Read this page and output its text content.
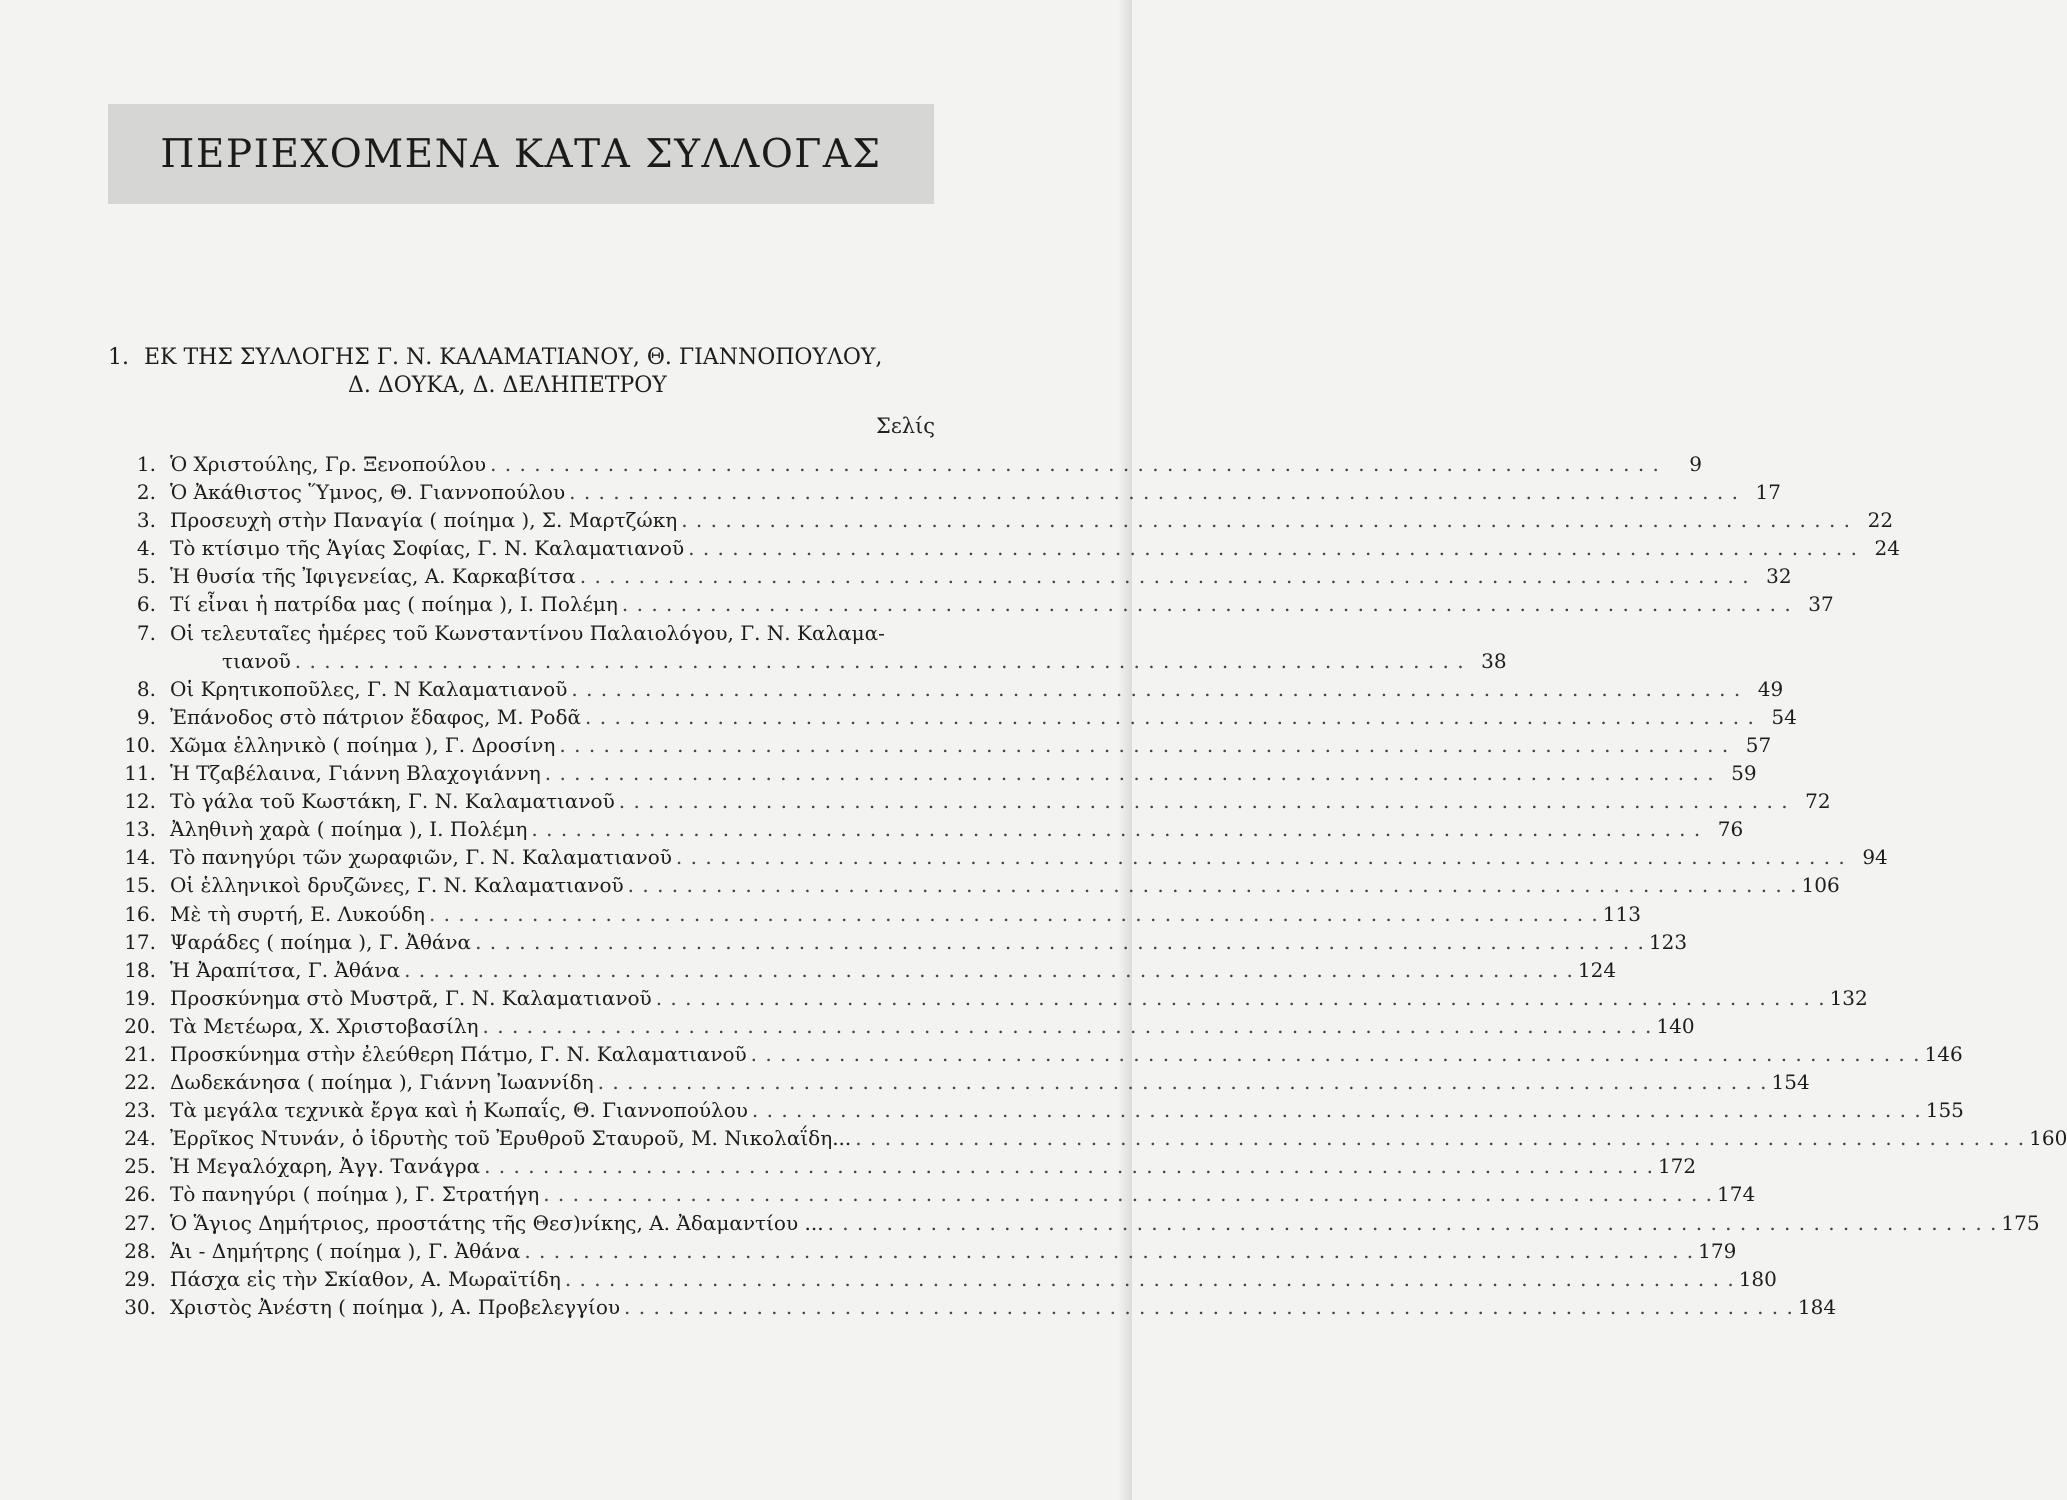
ΠΕΡΙΕΧΟΜΕΝΑ ΚΑΤΑ ΣΥΛΛΟΓΑΣ
1. ΕΚ ΤΗΣ ΣΥΛΛΟΓΗΣ Γ. Ν. ΚΑΛΑΜΑΤΙΑΝΟΥ, Θ. ΓΙΑΝΝΟΠΟΥΛΟΥ,
Δ. ΔΟΥΚΑ, Δ. ΔΕΛΗΠΕΤΡΟΥ
Σελίς
1. Ὁ Χριστούλης, Γρ. Ξενοπούλου . . . . . . . . . . . . . . . . . . . . . . . . . . . . . . . . . . . . . . . . . . . . . . . . . . . . . . . . . . . . . . . . . . . . . . . . . . . . . . . .	9
2. Ὁ Ἀκάθιστος Ὕμνος, Θ. Γιαννοπούλου . . . . . . . . . . . . . . . . . . . . . . . . . . . . . . . . . . . . . . . . . . . . . . . . . . . . . . . . . . . . . . . . . . . . . . . . . . . . . . . . 17
3. Προσευχὴ στὴν Παναγία ( ποίημα ), Σ. Μαρτζώκη . . . . . . . . . . . . . . . . . . . . . . . . . . . . . . . . . . . . . . . . . . . . . . . . . . . . . . . . . . . . . . . . . . . . . . . . . . . . . . . . 22
4. Τὸ κτίσιμο τῆς Ἁγίας Σοφίας, Γ. Ν. Καλαματιανοῦ . . . . . . . . . . . . . . . . . . . . . . . . . . . . . . . . . . . . . . . . . . . . . . . . . . . . . . . . . . . . . . . . . . . . . . . . . . . . . . . . 24
5. Ἡ θυσία τῆς Ἰφιγενείας, Α. Καρκαβίτσα . . . . . . . . . . . . . . . . . . . . . . . . . . . . . . . . . . . . . . . . . . . . . . . . . . . . . . . . . . . . . . . . . . . . . . . . . . . . . . . . 32
6. Τί εἶναι ἡ πατρίδα μας ( ποίημα ), Ι. Πολέμη . . . . . . . . . . . . . . . . . . . . . . . . . . . . . . . . . . . . . . . . . . . . . . . . . . . . . . . . . . . . . . . . . . . . . . . . . . . . . . . . 37
7. Οἱ τελευταῖες ἡμέρες τοῦ Κωνσταντίνου Παλαιολόγου, Γ. Ν. Καλαμα-
τιανοῦ . . . . . . . . . . . . . . . . . . . . . . . . . . . . . . . . . . . . . . . . . . . . . . . . . . . . . . . . . . . . . . . . . . . . . . . . . . . . . . . . 38
8. Οἱ Κρητικοποῦλες, Γ. Ν Καλαματιανοῦ . . . . . . . . . . . . . . . . . . . . . . . . . . . . . . . . . . . . . . . . . . . . . . . . . . . . . . . . . . . . . . . . . . . . . . . . . . . . . . . . 49
9. Ἐπάνοδος στὸ πάτριον ἔδαφος, Μ. Ροδᾶ . . . . . . . . . . . . . . . . . . . . . . . . . . . . . . . . . . . . . . . . . . . . . . . . . . . . . . . . . . . . . . . . . . . . . . . . . . . . . . . . 54
10. Χῶμα ἑλληνικὸ ( ποίημα ), Γ. Δροσίνη . . . . . . . . . . . . . . . . . . . . . . . . . . . . . . . . . . . . . . . . . . . . . . . . . . . . . . . . . . . . . . . . . . . . . . . . . . . . . . . . 57
11. Ἡ Τζαβέλαινα, Γιάννη Βλαχογιάννη . . . . . . . . . . . . . . . . . . . . . . . . . . . . . . . . . . . . . . . . . . . . . . . . . . . . . . . . . . . . . . . . . . . . . . . . . . . . . . . . 59
12. Τὸ γάλα τοῦ Κωστάκη, Γ. Ν. Καλαματιανοῦ . . . . . . . . . . . . . . . . . . . . . . . . . . . . . . . . . . . . . . . . . . . . . . . . . . . . . . . . . . . . . . . . . . . . . . . . . . . . . . . . 72
13. Ἀληθινὴ χαρὰ ( ποίημα ), Ι. Πολέμη . . . . . . . . . . . . . . . . . . . . . . . . . . . . . . . . . . . . . . . . . . . . . . . . . . . . . . . . . . . . . . . . . . . . . . . . . . . . . . . . 76
14. Τὸ πανηγύρι τῶν χωραφιῶν, Γ. Ν. Καλαματιανοῦ . . . . . . . . . . . . . . . . . . . . . . . . . . . . . . . . . . . . . . . . . . . . . . . . . . . . . . . . . . . . . . . . . . . . . . . . . . . . . . . . 94
15. Οἱ ἑλληνικοὶ δρυζῶνες, Γ. Ν. Καλαματιανοῦ . . . . . . . . . . . . . . . . . . . . . . . . . . . . . . . . . . . . . . . . . . . . . . . . . . . . . . . . . . . . . . . . . . . . . . . . . . . . . . . . 106
16. Μὲ τὴ συρτή, Ε. Λυκούδη . . . . . . . . . . . . . . . . . . . . . . . . . . . . . . . . . . . . . . . . . . . . . . . . . . . . . . . . . . . . . . . . . . . . . . . . . . . . . . . . 113
17. Ψαράδες ( ποίημα ), Γ. Ἀθάνα . . . . . . . . . . . . . . . . . . . . . . . . . . . . . . . . . . . . . . . . . . . . . . . . . . . . . . . . . . . . . . . . . . . . . . . . . . . . . . . . 123
18. Ἡ Ἀραπίτσα, Γ. Ἀθάνα . . . . . . . . . . . . . . . . . . . . . . . . . . . . . . . . . . . . . . . . . . . . . . . . . . . . . . . . . . . . . . . . . . . . . . . . . . . . . . . . 124
19. Προσκύνημα στὸ Μυστρᾶ, Γ. Ν. Καλαματιανοῦ . . . . . . . . . . . . . . . . . . . . . . . . . . . . . . . . . . . . . . . . . . . . . . . . . . . . . . . . . . . . . . . . . . . . . . . . . . . . . . . . 132
20. Τὰ Μετέωρα, Χ. Χριστοβασίλη . . . . . . . . . . . . . . . . . . . . . . . . . . . . . . . . . . . . . . . . . . . . . . . . . . . . . . . . . . . . . . . . . . . . . . . . . . . . . . . . 140
21. Προσκύνημα στὴν ἐλεύθερη Πάτμο, Γ. Ν. Καλαματιανοῦ . . . . . . . . . . . . . . . . . . . . . . . . . . . . . . . . . . . . . . . . . . . . . . . . . . . . . . . . . . . . . . . . . . . . . . . . . . . . . . . . 146
22. Δωδεκάνησα ( ποίημα ), Γιάννη Ἰωαννίδη . . . . . . . . . . . . . . . . . . . . . . . . . . . . . . . . . . . . . . . . . . . . . . . . . . . . . . . . . . . . . . . . . . . . . . . . . . . . . . . . 154
23. Τὰ μεγάλα τεχνικὰ ἔργα καὶ ἡ Κωπαΐς, Θ. Γιαννοπούλου . . . . . . . . . . . . . . . . . . . . . . . . . . . . . . . . . . . . . . . . . . . . . . . . . . . . . . . . . . . . . . . . . . . . . . . . . . . . . . . . 155
24. Ἐρρῖκος Ντυνάν, ὁ ἱδρυτὴς τοῦ Ἐρυθροῦ Σταυροῦ, Μ. Νικολαΐδη... . . . . . . . . . . . . . . . . . . . . . . . . . . . . . . . . . . . . . . . . . . . . . . . . . . . . . . . . . . . . . . . . . . . . . . . . . . . . . . . . 160
25. Ἡ Μεγαλόχαρη, Ἀγγ. Τανάγρα . . . . . . . . . . . . . . . . . . . . . . . . . . . . . . . . . . . . . . . . . . . . . . . . . . . . . . . . . . . . . . . . . . . . . . . . . . . . . . . . 172
26. Τὸ πανηγύρι ( ποίημα ), Γ. Στρατήγη . . . . . . . . . . . . . . . . . . . . . . . . . . . . . . . . . . . . . . . . . . . . . . . . . . . . . . . . . . . . . . . . . . . . . . . . . . . . . . . . 174
27. Ὁ Ἅγιος Δημήτριος, προστάτης τῆς Θεσ)νίκης, Α. Ἀδαμαντίου ... . . . . . . . . . . . . . . . . . . . . . . . . . . . . . . . . . . . . . . . . . . . . . . . . . . . . . . . . . . . . . . . . . . . . . . . . . . . . . . . . 175
28. Ἁι - Δημήτρης ( ποίημα ), Γ. Ἀθάνα . . . . . . . . . . . . . . . . . . . . . . . . . . . . . . . . . . . . . . . . . . . . . . . . . . . . . . . . . . . . . . . . . . . . . . . . . . . . . . . . 179
29. Πάσχα εἰς τὴν Σκίαθον, Α. Μωραϊτίδη . . . . . . . . . . . . . . . . . . . . . . . . . . . . . . . . . . . . . . . . . . . . . . . . . . . . . . . . . . . . . . . . . . . . . . . . . . . . . . . . 180
30. Χριστὸς Ἀνέστη ( ποίημα ), Α. Προβελεγγίου . . . . . . . . . . . . . . . . . . . . . . . . . . . . . . . . . . . . . . . . . . . . . . . . . . . . . . . . . . . . . . . . . . . . . . . . . . . . . . . . 184
